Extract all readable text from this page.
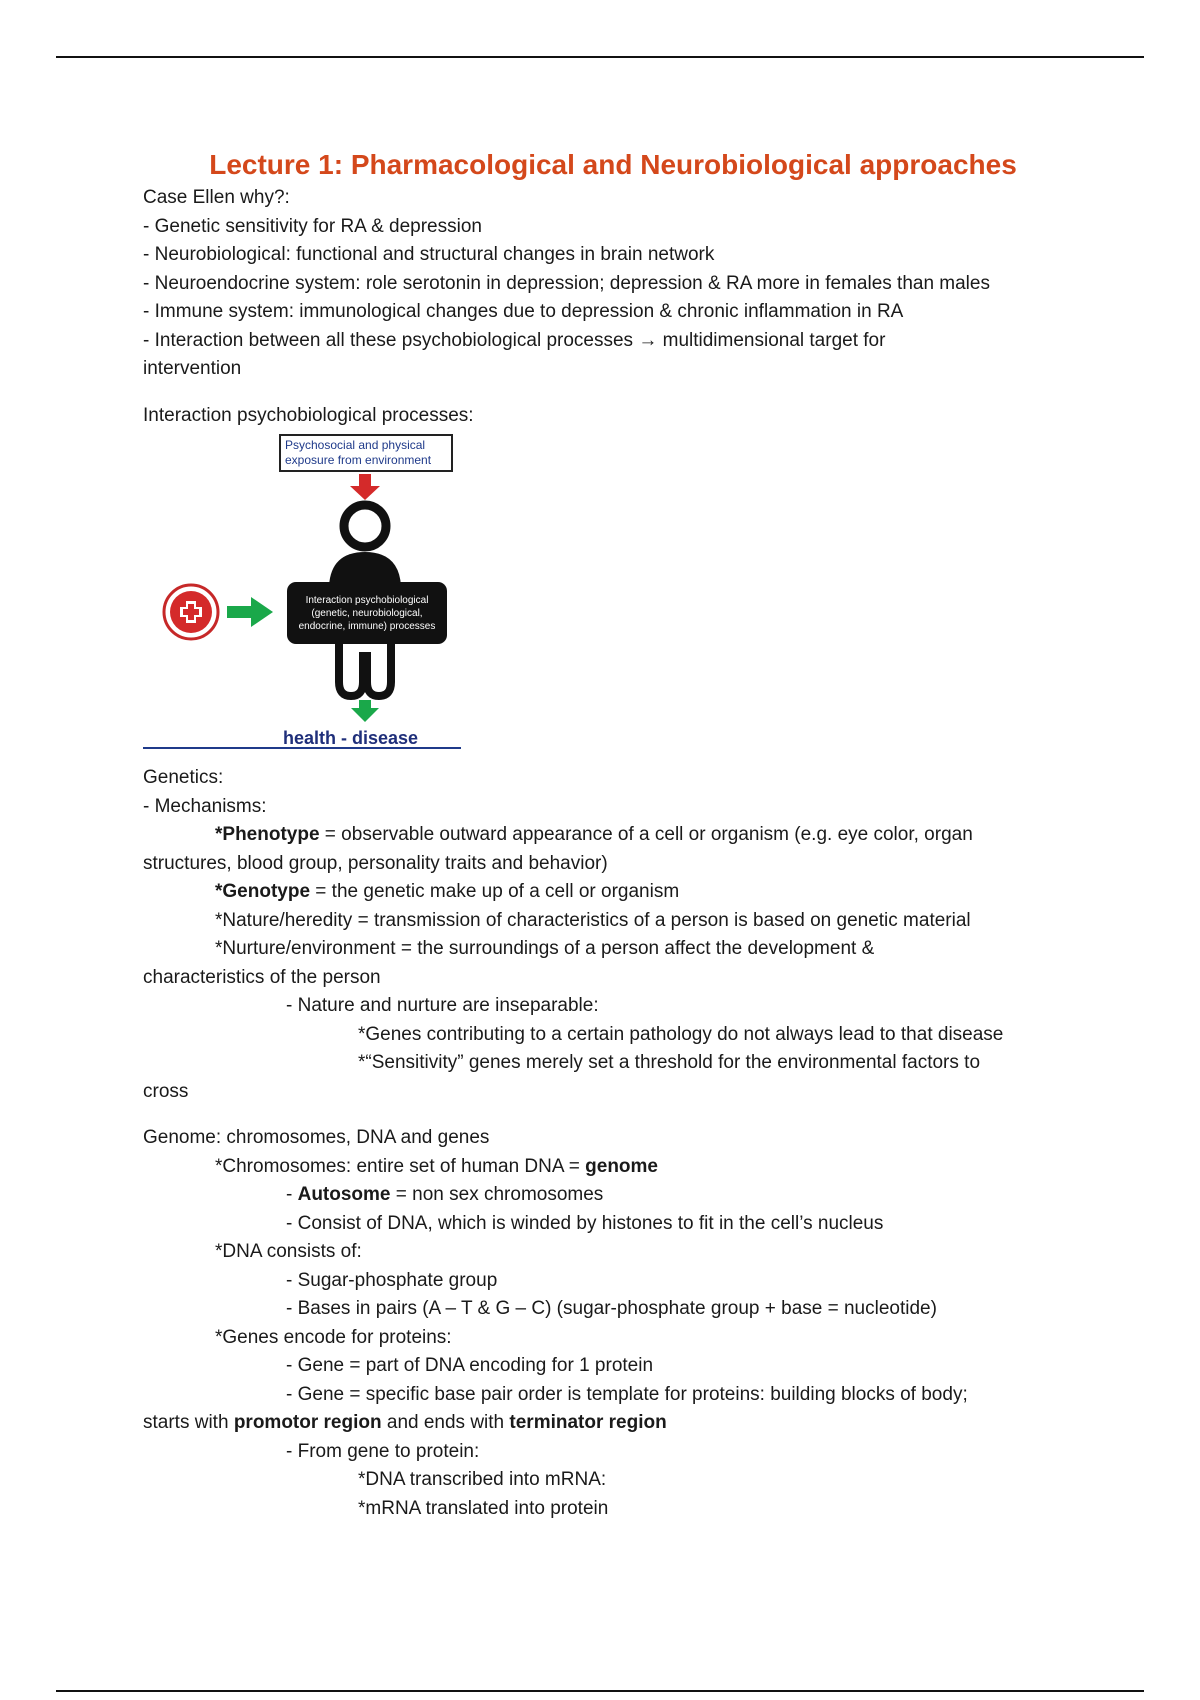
Lecture 1: Pharmacological and Neurobiological approaches
Case Ellen why?:
- Genetic sensitivity for RA & depression
- Neurobiological: functional and structural changes in brain network
- Neuroendocrine system: role serotonin in depression; depression & RA more in females than males
- Immune system: immunological changes due to depression & chronic inflammation in RA
- Interaction between all these psychobiological processes → multidimensional target for
intervention
Interaction psychobiological processes:
Psychosocial and physical exposure from environment
Interaction psychobiological (genetic, neurobiological, endocrine, immune) processes
health - disease
Genetics:
- Mechanisms:
*Phenotype = observable outward appearance of a cell or organism (e.g. eye color, organ
structures, blood group, personality traits and behavior)
*Genotype = the genetic make up of a cell or organism
*Nature/heredity = transmission of characteristics of a person is based on genetic material
*Nurture/environment = the surroundings of a person affect the development &
characteristics of the person
- Nature and nurture are inseparable:
*Genes contributing to a certain pathology do not always lead to that disease
*“Sensitivity” genes merely set a threshold for the environmental factors to
cross
Genome: chromosomes, DNA and genes
*Chromosomes: entire set of human DNA = genome
- Autosome = non sex chromosomes
- Consist of DNA, which is winded by histones to fit in the cell’s nucleus
*DNA consists of:
- Sugar-phosphate group
- Bases in pairs (A – T & G – C) (sugar-phosphate group + base = nucleotide)
*Genes encode for proteins:
- Gene = part of DNA encoding for 1 protein
- Gene = specific base pair order is template for proteins: building blocks of body;
starts with promotor region and ends with terminator region
- From gene to protein:
*DNA transcribed into mRNA:
*mRNA translated into protein
